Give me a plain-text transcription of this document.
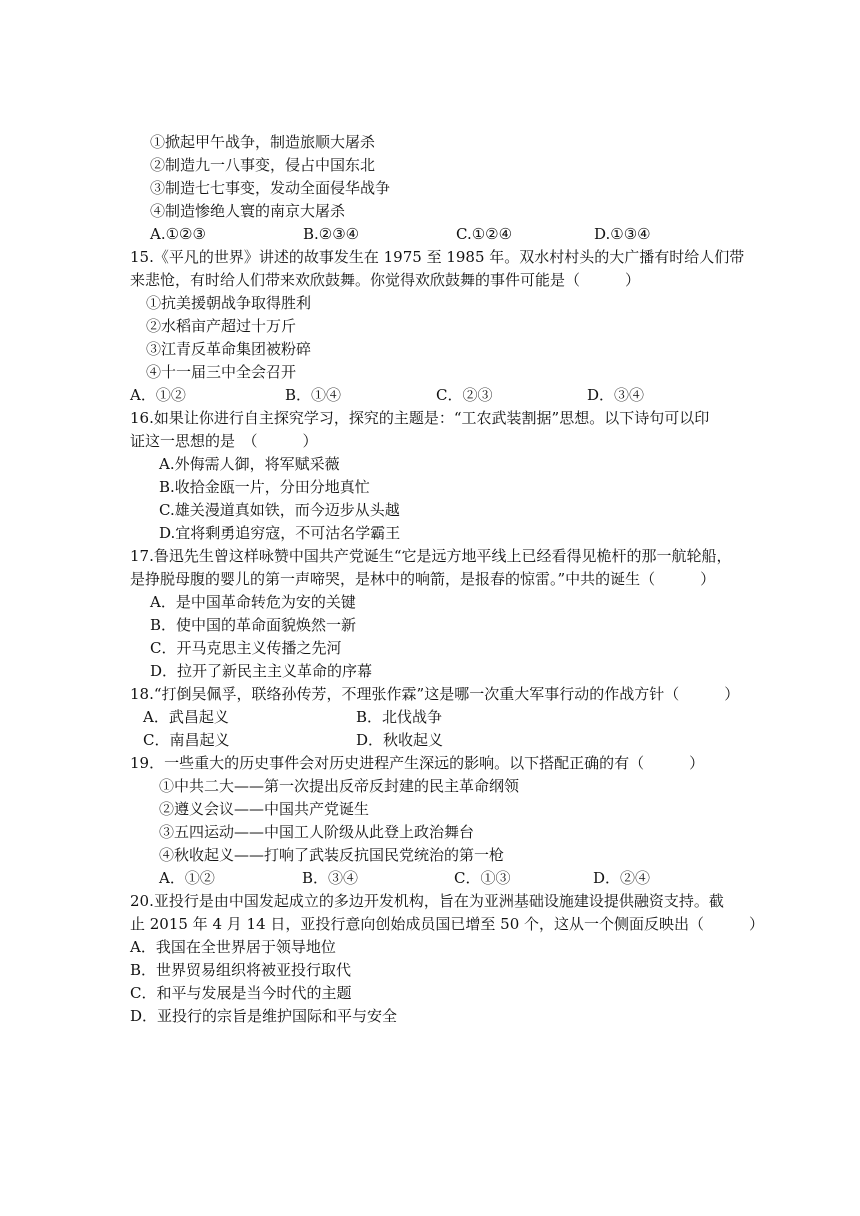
①掀起甲午战争，制造旅顺大屠杀
②制造九一八事变，侵占中国东北
③制造七七事变，发动全面侵华战争
④制造惨绝人寰的南京大屠杀
A.①②③	B.②③④	C.①②④	D.①③④
15.《平凡的世界》讲述的故事发生在 1975 至 1985 年。双水村村头的大广播有时给人们带
来悲怆，有时给人们带来欢欣鼓舞。你觉得欢欣鼓舞的事件可能是（　　　）
①抗美援朝战争取得胜利
②水稻亩产超过十万斤
③江青反革命集团被粉碎
④十一届三中全会召开
A．①②	B．①④	C．②③	D．③④
16.如果让你进行自主探究学习，探究的主题是：“工农武装割据”思想。以下诗句可以印
证这一思想的是　（　　　）
A.外侮需人御，将军赋采薇
B.收拾金瓯一片，分田分地真忙
C.雄关漫道真如铁，而今迈步从头越
D.宜将剩勇追穷寇，不可沽名学霸王
17.鲁迅先生曾这样咏赞中国共产党诞生“它是远方地平线上已经看得见桅杆的那一航轮船，
是挣脱母腹的婴儿的第一声啼哭，是林中的响箭，是报春的惊雷。”中共的诞生（　　　）
A．是中国革命转危为安的关键
B．使中国的革命面貌焕然一新
C．开马克思主义传播之先河
D．拉开了新民主主义革命的序幕
18.“打倒吴佩孚，联络孙传芳，不理张作霖”这是哪一次重大军事行动的作战方针（　　　）
A．武昌起义	B．北伐战争
C．南昌起义	D．秋收起义
19．一些重大的历史事件会对历史进程产生深远的影响。以下搭配正确的有（　　　）
①中共二大——第一次提出反帝反封建的民主革命纲领
②遵义会议——中国共产党诞生
③五四运动——中国工人阶级从此登上政治舞台
④秋收起义——打响了武装反抗国民党统治的第一枪
A．①②	B．③④	C．①③	D．②④
20.亚投行是由中国发起成立的多边开发机构，旨在为亚洲基础设施建设提供融资支持。截
止 2015 年 4 月 14 日，亚投行意向创始成员国已增至 50 个，这从一个侧面反映出（　　　）
A．我国在全世界居于领导地位
B．世界贸易组织将被亚投行取代
C．和平与发展是当今时代的主题
D．亚投行的宗旨是维护国际和平与安全
